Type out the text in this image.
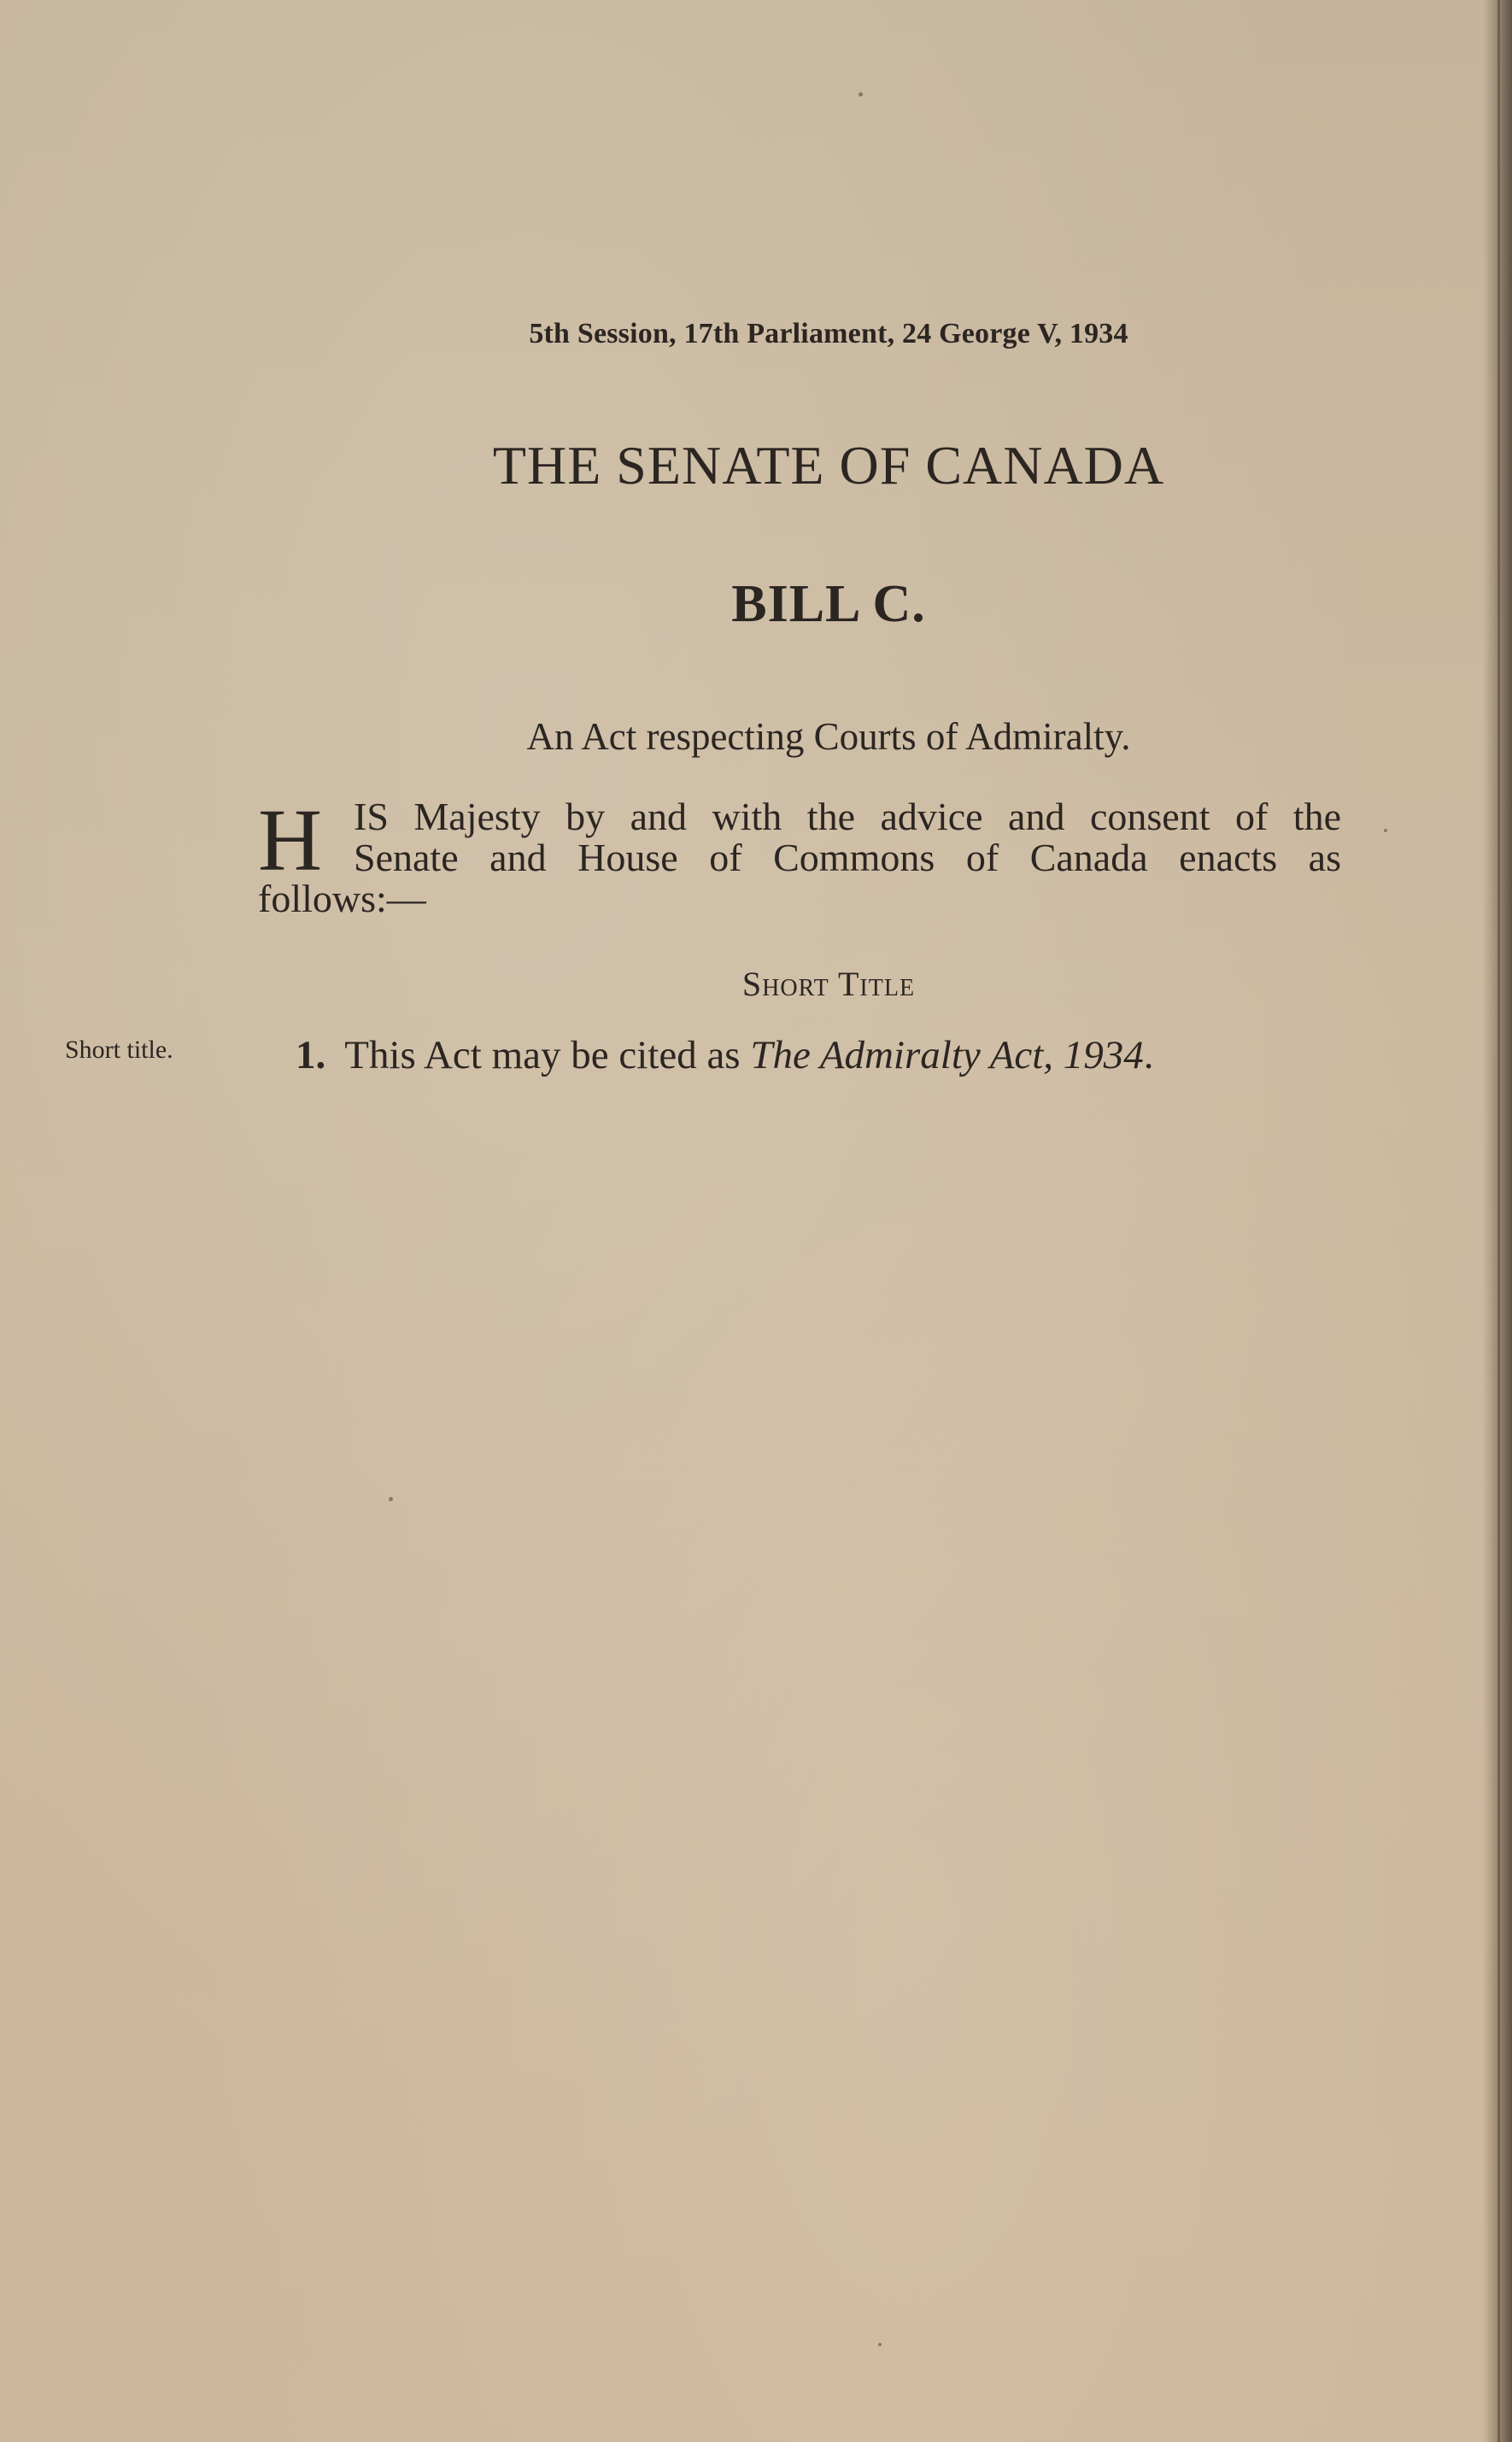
5th Session, 17th Parliament, 24 George V, 1934
THE SENATE OF CANADA
BILL C.
An Act respecting Courts of Admiralty.
H IS Majesty by and with the advice and consent of the
Senate and House of Commons of Canada enacts as
follows:—
Short Title
Short title.	1. This Act may be cited as The Admiralty Act, 1934.
